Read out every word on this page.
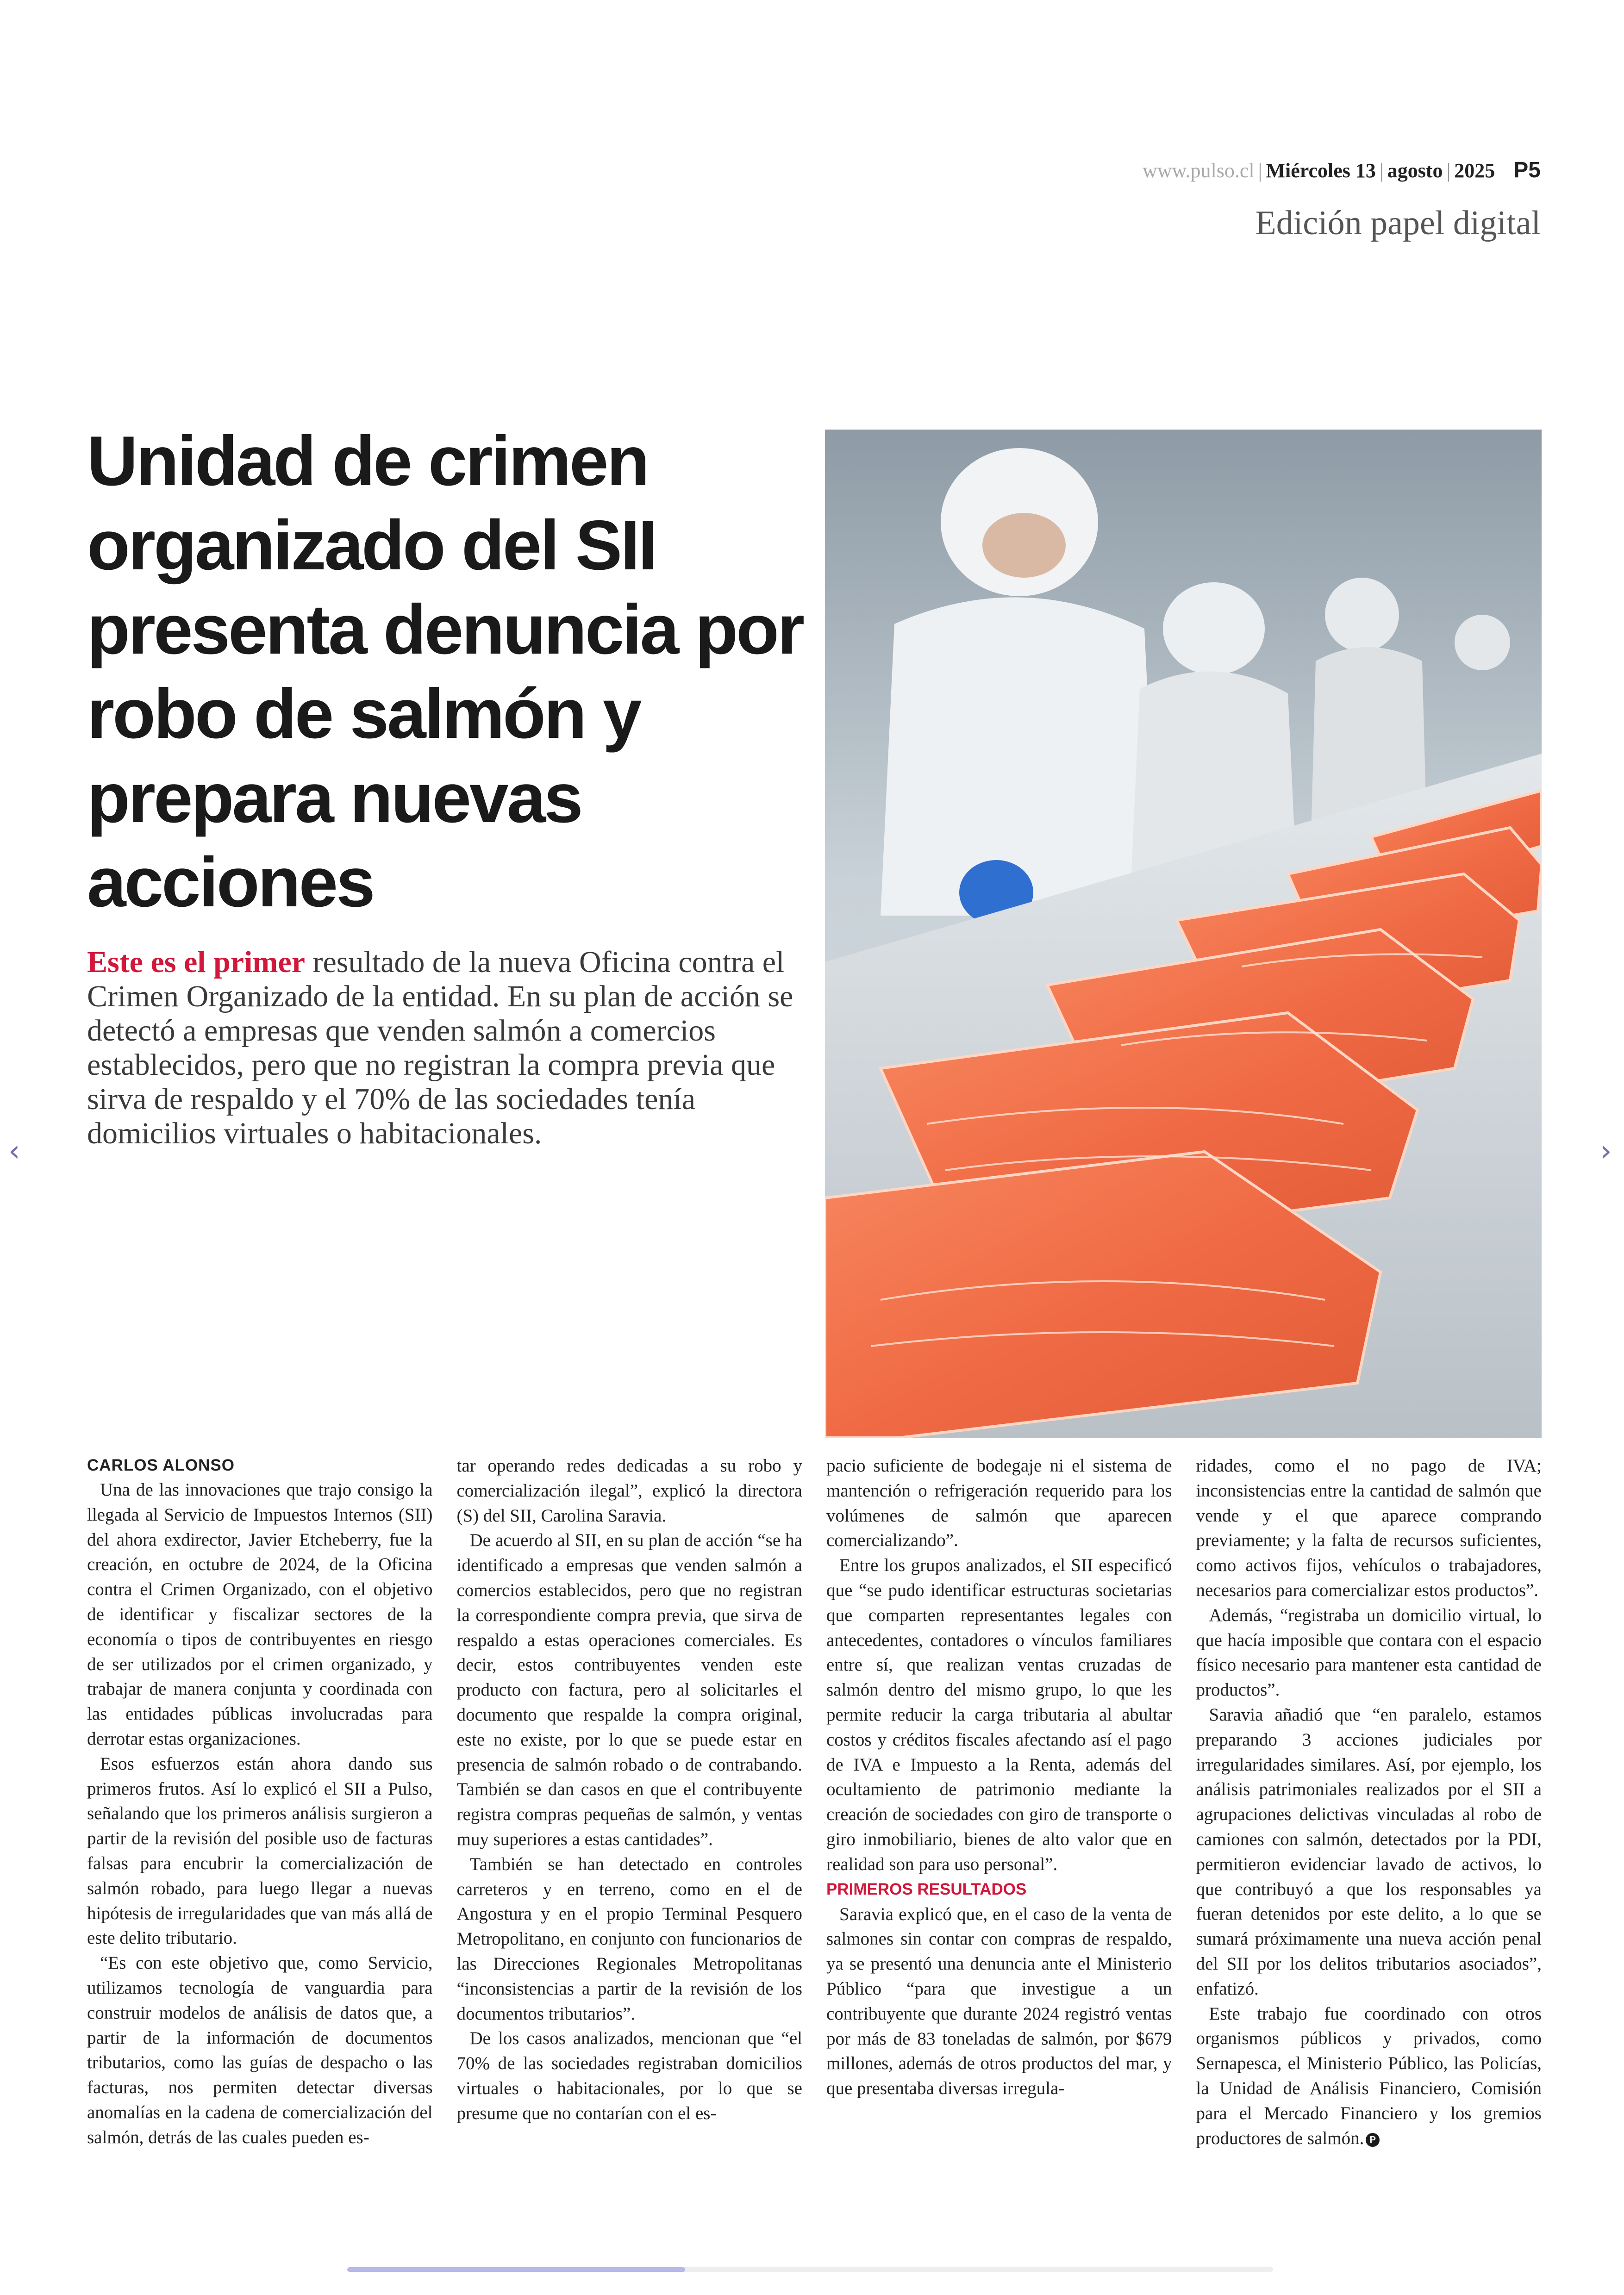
www.pulso.cl | Miércoles 13 | agosto | 2025 P5
Edición papel digital
Unidad de crimen organizado del SII presenta denuncia por robo de salmón y prepara nuevas acciones
Este es el primer resultado de la nueva Oficina contra el Crimen Organizado de la entidad. En su plan de acción se detectó a empresas que venden salmón a comercios establecidos, pero que no registran la compra previa que sirva de respaldo y el 70% de las sociedades tenía domicilios virtuales o habitacionales.
‹	›

CARLOS ALONSO

Una de las innovaciones que trajo consigo la llegada al Servicio de Impuestos Internos (SII) del ahora exdirector, Javier Etcheberry, fue la creación, en octubre de 2024, de la Oficina contra el Crimen Organizado, con el objetivo de identificar y fiscalizar sectores de la economía o tipos de contribuyentes en riesgo de ser utilizados por el crimen organizado, y trabajar de manera conjunta y coordinada con las entidades públicas involucradas para derrotar estas organizaciones.

Esos esfuerzos están ahora dando sus primeros frutos. Así lo explicó el SII a Pulso, señalando que los primeros análisis surgieron a partir de la revisión del posible uso de facturas falsas para encubrir la comercialización de salmón robado, para luego llegar a nuevas hipótesis de irregularidades que van más allá de este delito tributario.

“Es con este objetivo que, como Servicio, utilizamos tecnología de vanguardia para construir modelos de análisis de datos que, a partir de la información de documentos tributarios, como las guías de despacho o las facturas, nos permiten detectar diversas anomalías en la cadena de comercialización del salmón, detrás de las cuales pueden es-

tar operando redes dedicadas a su robo y comercialización ilegal”, explicó la directora (S) del SII, Carolina Saravia.

De acuerdo al SII, en su plan de acción “se ha identificado a empresas que venden salmón a comercios establecidos, pero que no registran la correspondiente compra previa, que sirva de respaldo a estas operaciones comerciales. Es decir, estos contribuyentes venden este producto con factura, pero al solicitarles el documento que respalde la compra original, este no existe, por lo que se puede estar en presencia de salmón robado o de contrabando. También se dan casos en que el contribuyente registra compras pequeñas de salmón, y ventas muy superiores a estas cantidades”.

También se han detectado en controles carreteros y en terreno, como en el de Angostura y en el propio Terminal Pesquero Metropolitano, en conjunto con funcionarios de las Direcciones Regionales Metropolitanas “inconsistencias a partir de la revisión de los documentos tributarios”.

De los casos analizados, mencionan que “el 70% de las sociedades registraban domicilios virtuales o habitacionales, por lo que se presume que no contarían con el es-

pacio suficiente de bodegaje ni el sistema de mantención o refrigeración requerido para los volúmenes de salmón que aparecen comercializando”.

Entre los grupos analizados, el SII especificó que “se pudo identificar estructuras societarias que comparten representantes legales con antecedentes, contadores o vínculos familiares entre sí, que realizan ventas cruzadas de salmón dentro del mismo grupo, lo que les permite reducir la carga tributaria al abultar costos y créditos fiscales afectando así el pago de IVA e Impuesto a la Renta, además del ocultamiento de patrimonio mediante la creación de sociedades con giro de transporte o giro inmobiliario, bienes de alto valor que en realidad son para uso personal”.

PRIMEROS RESULTADOS

Saravia explicó que, en el caso de la venta de salmones sin contar con compras de respaldo, ya se presentó una denuncia ante el Ministerio Público “para que investigue a un contribuyente que durante 2024 registró ventas por más de 83 toneladas de salmón, por $679 millones, además de otros productos del mar, y que presentaba diversas irregula-

ridades, como el no pago de IVA; inconsistencias entre la cantidad de salmón que vende y el que aparece comprando previamente; y la falta de recursos suficientes, como activos fijos, vehículos o trabajadores, necesarios para comercializar estos productos”.

Además, “registraba un domicilio virtual, lo que hacía imposible que contara con el espacio físico necesario para mantener esta cantidad de productos”.

Saravia añadió que “en paralelo, estamos preparando 3 acciones judiciales por irregularidades similares. Así, por ejemplo, los análisis patrimoniales realizados por el SII a agrupaciones delictivas vinculadas al robo de camiones con salmón, detectados por la PDI, permitieron evidenciar lavado de activos, lo que contribuyó a que los responsables ya fueran detenidos por este delito, a lo que se sumará próximamente una nueva acción penal del SII por los delitos tributarios asociados”, enfatizó.

Este trabajo fue coordinado con otros organismos públicos y privados, como Sernapesca, el Ministerio Público, las Policías, la Unidad de Análisis Financiero, Comisión para el Mercado Financiero y los gremios productores de salmón. P
